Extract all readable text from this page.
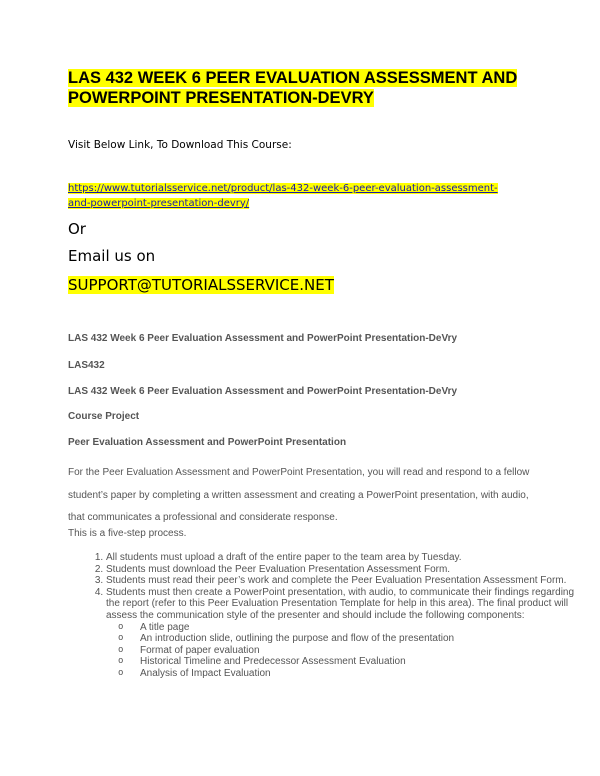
LAS 432 WEEK 6 PEER EVALUATION ASSESSMENT AND POWERPOINT PRESENTATION-DEVRY
Visit Below Link, To Download This Course:
https://www.tutorialsservice.net/product/las-432-week-6-peer-evaluation-assessment-and-powerpoint-presentation-devry/
Or
Email us on
SUPPORT@TUTORIALSSERVICE.NET
LAS 432 Week 6 Peer Evaluation Assessment and PowerPoint Presentation-DeVry
LAS432
LAS 432 Week 6 Peer Evaluation Assessment and PowerPoint Presentation-DeVry
Course Project
Peer Evaluation Assessment and PowerPoint Presentation
For the Peer Evaluation Assessment and PowerPoint Presentation, you will read and respond to a fellow student’s paper by completing a written assessment and creating a PowerPoint presentation, with audio, that communicates a professional and considerate response.
This is a five-step process.
1. All students must upload a draft of the entire paper to the team area by Tuesday.
2. Students must download the Peer Evaluation Presentation Assessment Form.
3. Students must read their peer’s work and complete the Peer Evaluation Presentation Assessment Form.
4. Students must then create a PowerPoint presentation, with audio, to communicate their findings regarding the report (refer to this Peer Evaluation Presentation Template for help in this area). The final product will assess the communication style of the presenter and should include the following components:
o A title page
o An introduction slide, outlining the purpose and flow of the presentation
o Format of paper evaluation
o Historical Timeline and Predecessor Assessment Evaluation
o Analysis of Impact Evaluation
